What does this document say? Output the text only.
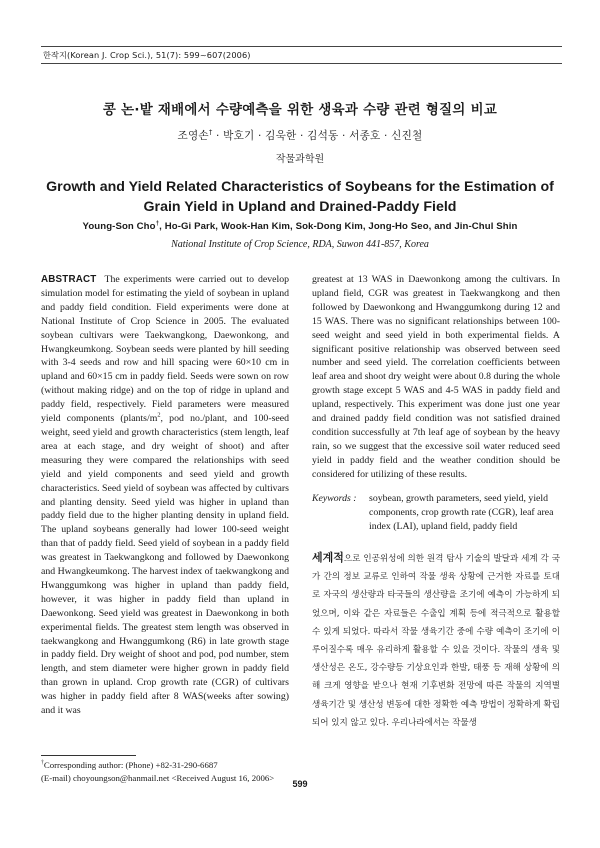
한작지(Korean J. Crop Sci.), 51(7): 599~607(2006)
콩 논·밭 재배에서 수량예측을 위한 생육과 수량 관련 형질의 비교
조영손† · 박호기 · 김욱한 · 김석동 · 서종호 · 신진철
작물과학원
Growth and Yield Related Characteristics of Soybeans for the Estimation of Grain Yield in Upland and Drained-Paddy Field
Young-Son Cho†, Ho-Gi Park, Wook-Han Kim, Sok-Dong Kim, Jong-Ho Seo, and Jin-Chul Shin
National Institute of Crop Science, RDA, Suwon 441-857, Korea
ABSTRACT The experiments were carried out to develop simulation model for estimating the yield of soybean in upland and paddy field condition. Field experiments were done at National Institute of Crop Science in 2005. The evaluated soybean cultivars were Taekwangkong, Daewonkong, and Hwangkeumkong. Soybean seeds were planted by hill seeding with 3-4 seeds and row and hill spacing were 60×10 cm in upland and 60×15 cm in paddy field. Seeds were sown on row (without making ridge) and on the top of ridge in upland and paddy field, respectively. Field parameters were measured yield components ($plants/m^2$, pod no./plant, and 100-seed weight, seed yield and growth characteristics (stem length, leaf area at each stage, and dry weight of shoot) and after measuring they were compared the relationships with seed yield and yield components and seed yield and growth characteristics. Seed yield of soybean was affected by cultivars and planting density. Seed yield was higher in upland than paddy field due to the higher planting density in upland field. The upland soybeans generally had lower 100-seed weight than that of paddy field. Seed yield of soybean in a paddy field was greatest in Taekwangkong and followed by Daewonkong and Hwangkeumkong. The harvest index of taekwangkong and Hwanggumkong was higher in upland than paddy field, however, it was higher in paddy field than upland in Daewonkong. Seed yield was greatest in Daewonkong in both experimental fields. The greatest stem length was observed in taekwangkong and Hwanggumkong (R6) in late growth stage in paddy field. Dry weight of shoot and pod, pod number, stem length, and stem diameter were higher grown in paddy field than grown in upland. Crop growth rate (CGR) of cultivars was higher in paddy field after 8 WAS(weeks after sowing) and it was
greatest at 13 WAS in Daewonkong among the cultivars. In upland field, CGR was greatest in Taekwangkong and then followed by Daewonkong and Hwanggumkong during 12 and 15 WAS. There was no significant relationships between 100-seed weight and seed yield in both experimental fields. A significant positive relationship was observed between seed number and seed yield. The correlation coefficients between leaf area and shoot dry weight were about 0.8 during the whole growth stage except 5 WAS and 4-5 WAS in paddy field and upland, respectively. This experiment was done just one year and drained paddy field condition was not satisfied drained condition successfully at 7th leaf age of soybean by the heavy rain, so we suggest that the excessive soil water reduced seed yield in paddy field and the weather condition should be considered for utilizing of these results.
Keywords : soybean, growth parameters, seed yield, yield components, crop growth rate (CGR), leaf area index (LAI), upland field, paddy field
세계적으로 인공위성에 의한 원격 탐사 기술의 발달과 세계 각 국가 간의 정보 교류로 인하여 작물 생육 상황에 근거한 자료를 토대로 자국의 생산량과 타국들의 생산량을 조기에 예측이 가능하게 되었으며, 이와 같은 자료들은 수출입 계획 등에 적극적으로 활용할 수 있게 되었다. 따라서 작물 생육기간 중에 수량 예측이 조기에 이루어질수록 매우 유리하게 활용할 수 있을 것이다. 작물의 생육 및 생산성은 온도, 강수량등 기상요인과 한발, 태풍 등 재해 상황에 의해 크게 영향을 받으나 현재 기후변화 전망에 따른 작물의 지역별 생육기간 및 생산성 변동에 대한 정확한 예측 방법이 정확하게 확립되어 있지 않고 있다. 우리나라에서는 작물생
†Corresponding author: (Phone) +82-31-290-6687
(E-mail) choyoungson@hanmail.net <Received August 16, 2006>
599
